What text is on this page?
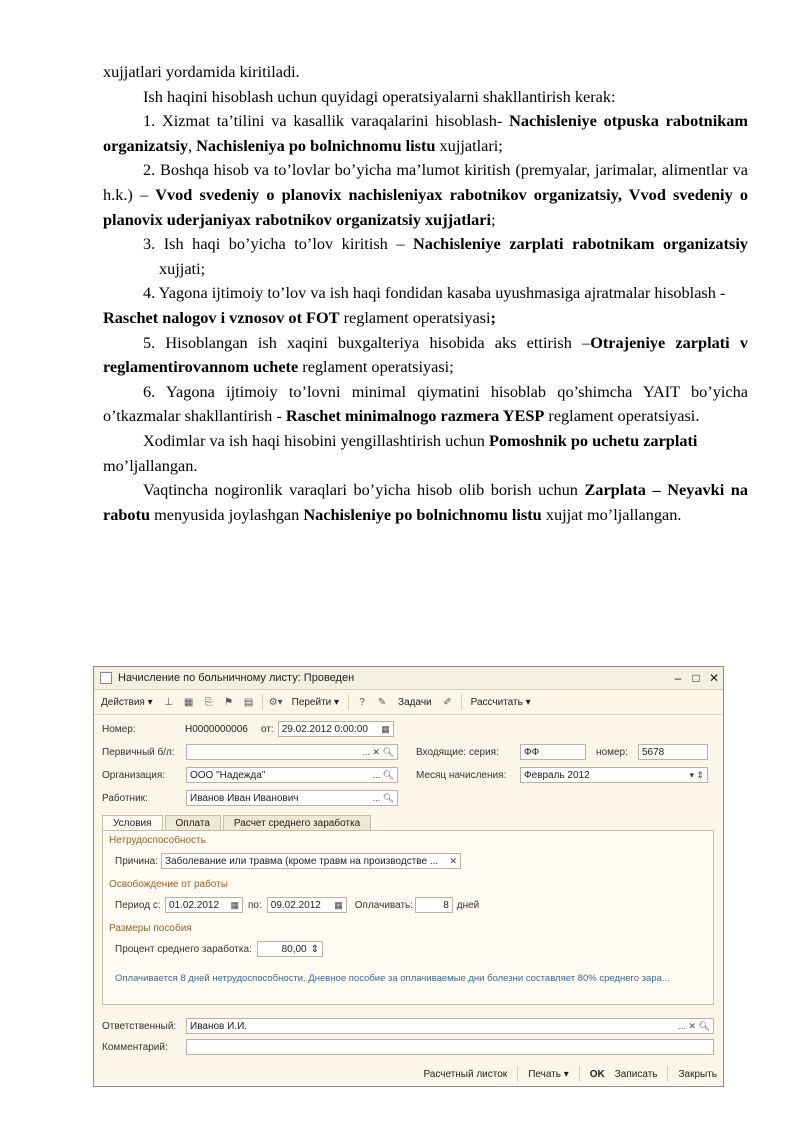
xujjatlari yordamida kiritiladi.

Ish haqini hisoblash uchun quyidagi operatsiyalarni shakllantirish kerak:

1. Xizmat ta’tilini va kasallik varaqalarini hisoblash- Nachisleniye otpuska rabotnikam organizatsiy, Nachisleniya po bolnichnomu listu xujjatlari;

2. Boshqa hisob va to’lovlar bo’yicha ma’lumot kiritish (premyalar, jarimalar, alimentlar va h.k.) – Vvod svedeniy o planovix nachisleniyax rabotnikov organizatsiy, Vvod svedeniy o planovix uderjaniyax rabotnikov organizatsiy xujjatlari;

3. Ish haqi bo’yicha to’lov kiritish – Nachisleniye zarplati rabotnikam organizatsiy xujjati;

4. Yagona ijtimoiy to’lov va ish haqi fondidan kasaba uyushmasiga ajratmalar hisoblash -

Raschet nalogov i vznosov ot FOT reglament operatsiyasi;

5. Hisoblangan ish xaqini buxgalteriya hisobida aks ettirish –Otrajeniye zarplati v reglamentirovannom uchete reglament operatsiyasi;

6. Yagona ijtimoiy to’lovni minimal qiymatini hisoblab qo’shimcha YAIT bo’yicha o’tkazmalar shakllantirish - Raschet minimalnogo razmera YESP reglament operatsiyasi.

Xodimlar va ish haqi hisobini yengillashtirish uchun Pomoshnik po uchetu zarplati

mo’ljallangan.

Vaqtincha nogironlik varaqlari bo’yicha hisob olib borish uchun Zarplata – Neyavki na rabotu menyusida joylashgan Nachisleniye po bolnichnomu listu xujjat mo’ljallangan.

Начисление по больничному листу: Проведен	– □ ✕
Действия ▾	⊥ ▦	⎘	⚑ ▤ ⚙▾ Перейти ▾	?	✎	Задачи	✐	Рассчитать ▾
Номер:	Н0000000006	от: 29.02.2012 0:00:00 ▦
Первичный б/л:	... ✕ 🔍︎ Входящие: серия:	ФФ	номер:	5678
Организация:	ООО "Надежда"	... 🔍︎ Месяц начисления:	Февраль 2012	▾ ⇕
Работник:	Иванов Иван Иванович	... 🔍︎
Условия	Оплата	Расчет среднего заработка
Нетрудоспособность
Причина: Заболевание или травма (кроме травм на производстве ... ✕
Освобождение от работы
Период с: 01.02.2012 ▦ по: 09.02.2012 ▦ Оплачивать:	8 дней
Размеры пособия
Процент среднего заработка:	80,00 ⇕
Оплачивается 8 дней нетрудоспособности. Дневное пособие за оплачиваемые дни болезни составляет 80% среднего зара...
Ответственный:	Иванов И.И.	... ✕ 🔍︎
Комментарий:
Расчетный листок Печать ▾ OK Записать Закрыть
